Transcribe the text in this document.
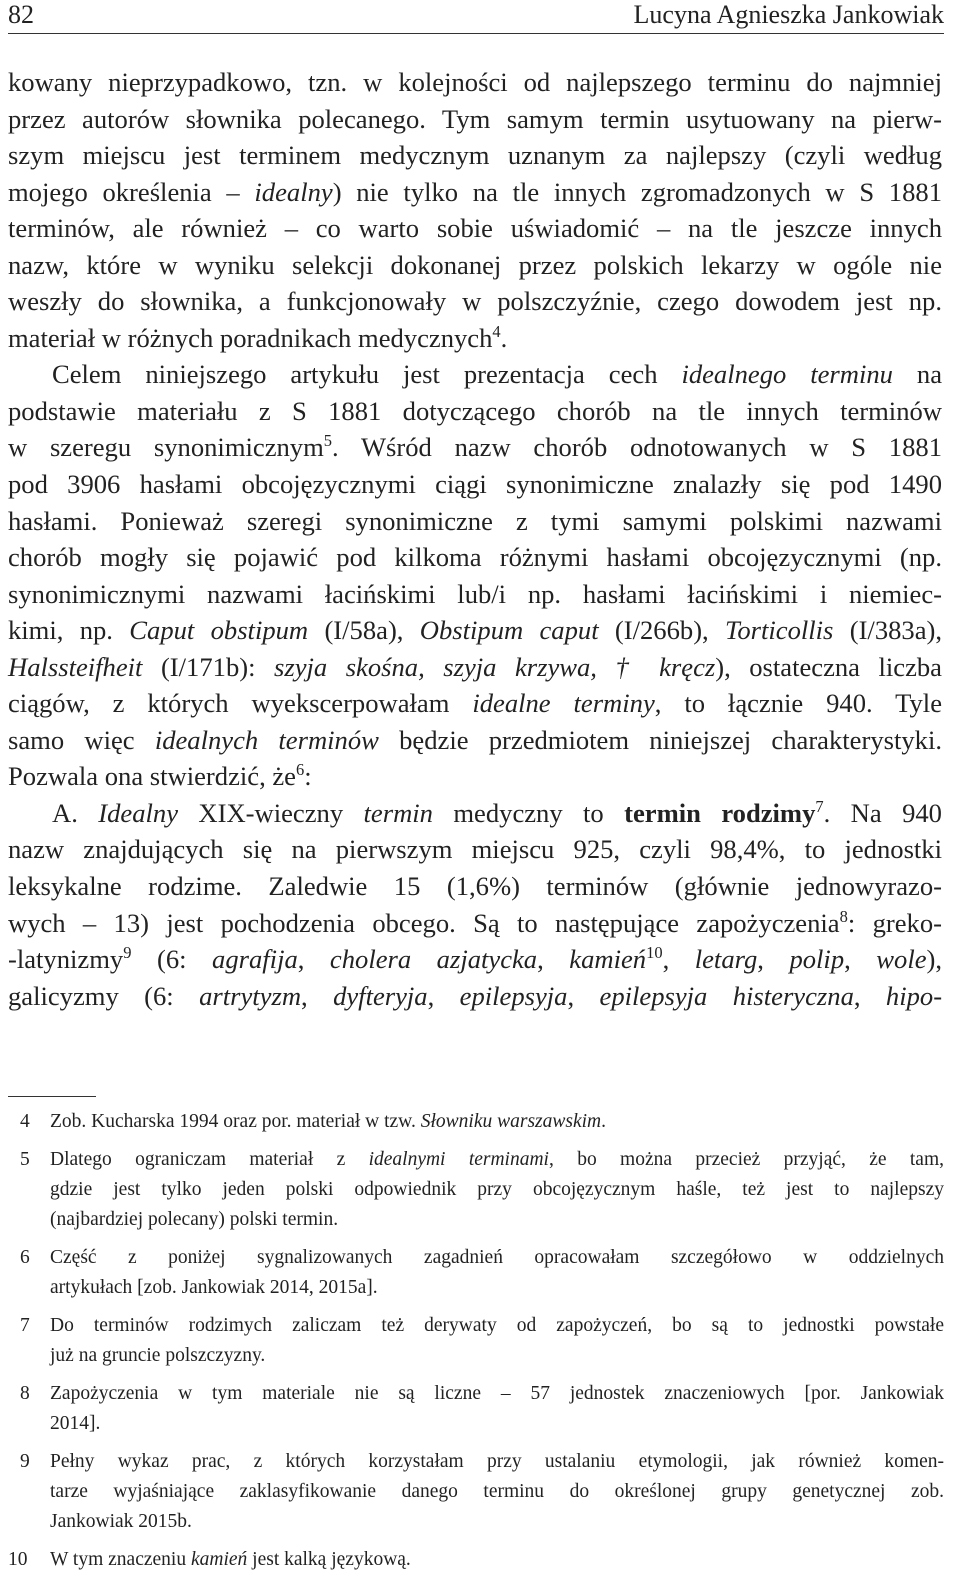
82	Lucyna Agnieszka Jankowiak
kowany nieprzypadkowo, tzn. w kolejności od najlepszego terminu do najmniej
przez autorów słownika polecanego. Tym samym termin usytuowany na pierw-
szym miejscu jest terminem medycznym uznanym za najlepszy (czyli według
mojego określenia – idealny) nie tylko na tle innych zgromadzonych w S 1881
terminów, ale również – co warto sobie uświadomić – na tle jeszcze innych
nazw, które w wyniku selekcji dokonanej przez polskich lekarzy w ogóle nie
weszły do słownika, a funkcjonowały w polszczyźnie, czego dowodem jest np.
materiał w różnych poradnikach medycznych$^4$.
Celem niniejszego artykułu jest prezentacja cech idealnego terminu na
podstawie materiału z S 1881 dotyczącego chorób na tle innych terminów
w szeregu synonimicznym$^5$. Wśród nazw chorób odnotowanych w S 1881
pod 3906 hasłami obcojęzycznymi ciągi synonimiczne znalazły się pod 1490
hasłami. Ponieważ szeregi synonimiczne z tymi samymi polskimi nazwami
chorób mogły się pojawić pod kilkoma różnymi hasłami obcojęzycznymi (np.
synonimicznymi nazwami łacińskimi lub/i np. hasłami łacińskimi i niemiec-
kimi, np. Caput obstipum (I/58a), Obstipum caput (I/266b), Torticollis (I/383a),
Halssteifheit (I/171b): szyja skośna, szyja krzywa, † kręcz), ostateczna liczba
ciągów, z których wyekscerpowałam idealne terminy, to łącznie 940. Tyle
samo więc idealnych terminów będzie przedmiotem niniejszej charakterystyki.
Pozwala ona stwierdzić, $że^6$:
A. Idealny XIX-wieczny termin medyczny to termin rodzimy$^7$. Na 940
nazw znajdujących się na pierwszym miejscu 925, czyli 98,4%, to jednostki
leksykalne rodzime. Zaledwie 15 (1,6%) terminów (głównie jednowyrazo-
wych – 13) jest pochodzenia obcego. Są to następujące zapożyczenia$^8$: greko-
-latynizmy$^9$ (6: agrafija, cholera azjatycka, kamień$^{10}$, letarg, polip, wole),
galicyzmy (6: artrytyzm, dyfteryja, epilepsyja, epilepsyja histeryczna, hipo-
4 Zob. Kucharska 1994 oraz por. materiał w tzw. Słowniku warszawskim.
5 Dlatego ograniczam materiał z idealnymi terminami, bo można przecież przyjąć, że tam,
gdzie jest tylko jeden polski odpowiednik przy obcojęzycznym haśle, też jest to najlepszy
(najbardziej polecany) polski termin.
6 Część z poniżej sygnalizowanych zagadnień opracowałam szczegółowo w oddzielnych
artykułach [zob. Jankowiak 2014, 2015a].
7 Do terminów rodzimych zaliczam też derywaty od zapożyczeń, bo są to jednostki powstałe
już na gruncie polszczyzny.
8 Zapożyczenia w tym materiale nie są liczne – 57 jednostek znaczeniowych [por. Jankowiak
2014].
9 Pełny wykaz prac, z których korzystałam przy ustalaniu etymologii, jak również komen-
tarze wyjaśniające zaklasyfikowanie danego terminu do określonej grupy genetycznej zob.
Jankowiak 2015b.
10 W tym znaczeniu kamień jest kalką językową.
